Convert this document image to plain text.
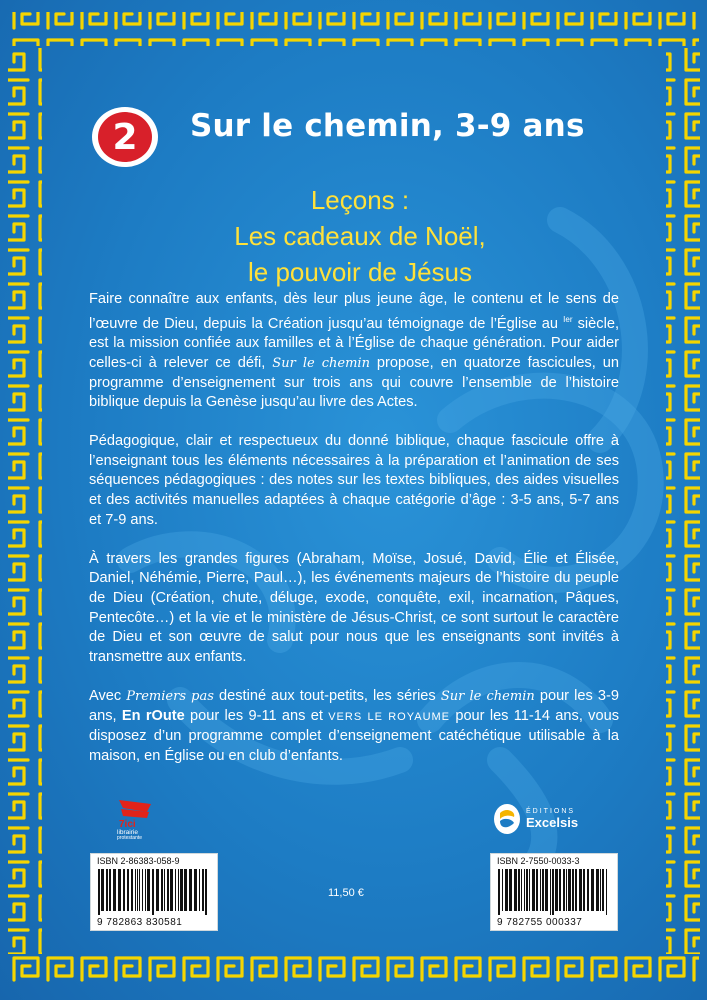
2	Sur le chemin, 3-9 ans
Leçons :
Les cadeaux de Noël,
le pouvoir de Jésus

Faire connaître aux enfants, dès leur plus jeune âge, le contenu et le sens de l’œuvre de Dieu, depuis la Création jusqu’au témoignage de l’Église au $^{Ier}$ siècle, est la mission confiée aux familles et à l’Église de chaque génération. Pour aider celles-ci à relever ce défi, Sur le chemin propose, en quatorze fascicules, un programme d’enseignement sur trois ans qui couvre l’ensemble de l’histoire biblique depuis la Genèse jusqu’au livre des Actes.

Pédagogique, clair et respectueux du donné biblique, chaque fascicule offre à l’enseignant tous les éléments nécessaires à la préparation et l’animation de ses séquences pédagogiques : des notes sur les textes bibliques, des aides visuelles et des activités manuelles adaptées à chaque catégorie d’âge : 3-5 ans, 5-7 ans et 7-9 ans.

À travers les grandes figures (Abraham, Moïse, Josué, David, Élie et Élisée, Daniel, Néhémie, Pierre, Paul…), les événements majeurs de l’histoire du peuple de Dieu (Création, chute, déluge, exode, conquête, exil, incarnation, Pâques, Pentecôte…) et la vie et le ministère de Jésus-Christ, ce sont surtout le caractère de Dieu et son œuvre de salut pour nous que les enseignants sont invités à transmettre aux enfants.

Avec Premiers pas destiné aux tout-petits, les séries Sur le chemin pour les 3-9 ans, En rOute pour les 9-11 ans et VERS LE ROYAUME pour les 11-14 ans, vous disposez d’un programme complet d’enseignement catéchétique utilisable à la maison, en Église ou en club d’enfants.

7ici
librairie
protestante
ÉDITIONS
Excelsis
ISBN 2-86383-058-9
9 782863 830581
ISBN 2-7550-0033-3
9 782755 000337
11,50 €
